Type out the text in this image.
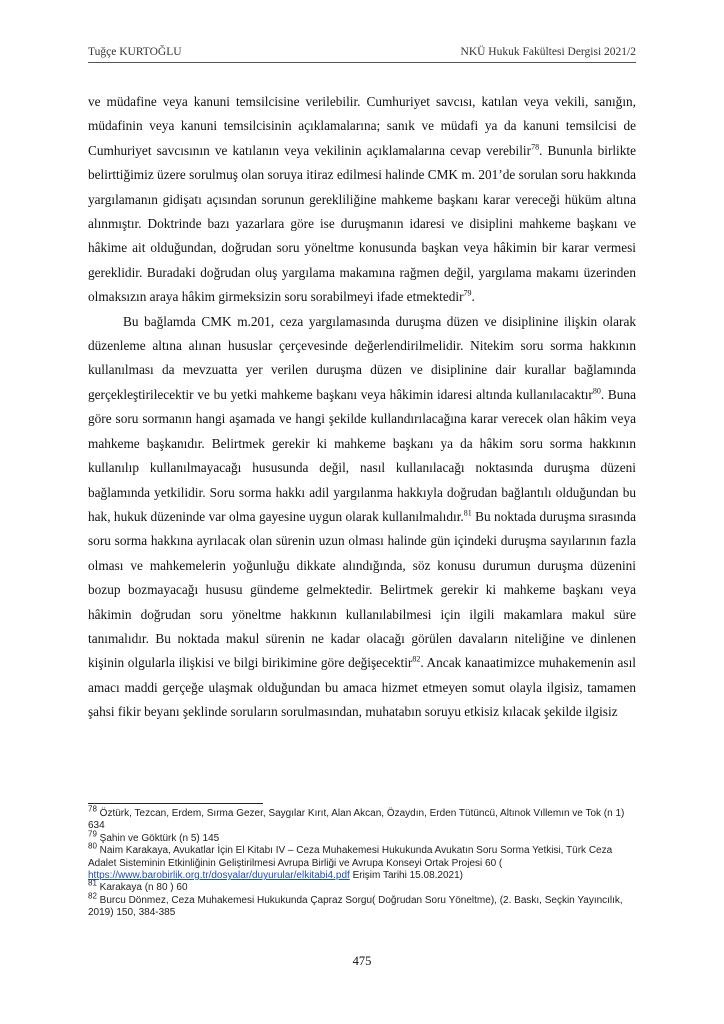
Tuğçe KURTOĞLU	NKÜ Hukuk Fakültesi Dergisi 2021/2

ve müdafine veya kanuni temsilcisine verilebilir. Cumhuriyet savcısı, katılan veya vekili, sanığın, müdafinin veya kanuni temsilcisinin açıklamalarına; sanık ve müdafi ya da kanuni temsilcisi de Cumhuriyet savcısının ve katılanın veya vekilinin açıklamalarına cevap verebilir$^{78}$. Bununla birlikte belirttiğimiz üzere sorulmuş olan soruya itiraz edilmesi halinde CMK m. 201’de sorulan soru hakkında yargılamanın gidişatı açısından sorunun gerekliliğine mahkeme başkanı karar vereceği hüküm altına alınmıştır. Doktrinde bazı yazarlara göre ise duruşmanın idaresi ve disiplini mahkeme başkanı ve hâkime ait olduğundan, doğrudan soru yöneltme konusunda başkan veya hâkimin bir karar vermesi gereklidir. Buradaki doğrudan oluş yargılama makamına rağmen değil, yargılama makamı üzerinden olmaksızın araya hâkim girmeksizin soru sorabilmeyi ifade etmektedir$^{79}$.

Bu bağlamda CMK m.201, ceza yargılamasında duruşma düzen ve disiplinine ilişkin olarak düzenleme altına alınan hususlar çerçevesinde değerlendirilmelidir. Nitekim soru sorma hakkının kullanılması da mevzuatta yer verilen duruşma düzen ve disiplinine dair kurallar bağlamında gerçekleştirilecektir ve bu yetki mahkeme başkanı veya hâkimin idaresi altında kullanılacaktır$^{80}$. Buna göre soru sormanın hangi aşamada ve hangi şekilde kullandırılacağına karar verecek olan hâkim veya mahkeme başkanıdır. Belirtmek gerekir ki mahkeme başkanı ya da hâkim soru sorma hakkının kullanılıp kullanılmayacağı hususunda değil, nasıl kullanılacağı noktasında duruşma düzeni bağlamında yetkilidir. Soru sorma hakkı adil yargılanma hakkıyla doğrudan bağlantılı olduğundan bu hak, hukuk düzeninde var olma gayesine uygun olarak kullanılmalıdır.$^{81}$ Bu noktada duruşma sırasında soru sorma hakkına ayrılacak olan sürenin uzun olması halinde gün içindeki duruşma sayılarının fazla olması ve mahkemelerin yoğunluğu dikkate alındığında, söz konusu durumun duruşma düzenini bozup bozmayacağı hususu gündeme gelmektedir. Belirtmek gerekir ki mahkeme başkanı veya hâkimin doğrudan soru yöneltme hakkının kullanılabilmesi için ilgili makamlara makul süre tanımalıdır. Bu noktada makul sürenin ne kadar olacağı görülen davaların niteliğine ve dinlenen kişinin olgularla ilişkisi ve bilgi birikimine göre değişecektir$^{82}$. Ancak kanaatimizce muhakemenin asıl amacı maddi gerçeğe ulaşmak olduğundan bu amaca hizmet etmeyen somut olayla ilgisiz, tamamen şahsi fikir beyanı şeklinde soruların sorulmasından, muhatabın soruyu etkisiz kılacak şekilde ilgisiz

$^{78}$ Öztürk, Tezcan, Erdem, Sırma Gezer, Saygılar Kırıt, Alan Akcan, Özaydın, Erden Tütüncü, Altınok Vıllemın ve Tok (n 1) 634

$^{79}$ Şahin ve Göktürk (n 5) 145

$^{80}$ Naim Karakaya, Avukatlar İçin El Kitabı IV – Ceza Muhakemesi Hukukunda Avukatın Soru Sorma Yetkisi, Türk Ceza Adalet Sisteminin Etkinliğinin Geliştirilmesi Avrupa Birliği ve Avrupa Konseyi Ortak Projesi 60 ( https://www.barobirlik.org.tr/dosyalar/duyurular/elkitabi4.pdf Erişim Tarihi 15.08.2021)

$^{81}$ Karakaya (n 80 ) 60

$^{82}$ Burcu Dönmez, Ceza Muhakemesi Hukukunda Çapraz Sorgu( Doğrudan Soru Yöneltme), (2. Baskı, Seçkin Yayıncılık, 2019) 150, 384-385

475
